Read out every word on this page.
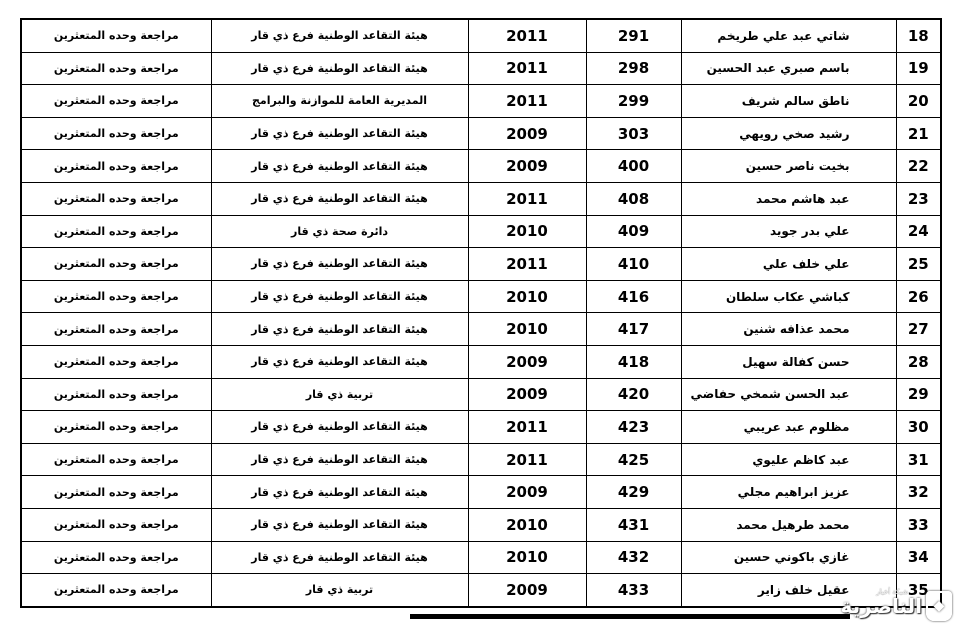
مراجعة وحده المتعثرين	هيئة التقاعد الوطنية فرع ذي قار	2011	291	شاتي عبد علي طريخم	18
مراجعة وحده المتعثرين	هيئة التقاعد الوطنية فرع ذي قار	2011	298	باسم صبري عبد الحسين	19
مراجعة وحده المتعثرين	المديرية العامة للموازنة والبرامج	2011	299	ناطق سالم شريف	20
مراجعة وحده المتعثرين	هيئة التقاعد الوطنية فرع ذي قار	2009	303	رشيد صخي رويهي	21
مراجعة وحده المتعثرين	هيئة التقاعد الوطنية فرع ذي قار	2009	400	بخيت ناصر حسين	22
مراجعة وحده المتعثرين	هيئة التقاعد الوطنية فرع ذي قار	2011	408	عبد هاشم محمد	23
مراجعة وحده المتعثرين	دائرة صحة ذي قار	2010	409	علي بدر جويد	24
مراجعة وحده المتعثرين	هيئة التقاعد الوطنية فرع ذي قار	2011	410	علي خلف علي	25
مراجعة وحده المتعثرين	هيئة التقاعد الوطنية فرع ذي قار	2010	416	كباشي عكاب سلطان	26
مراجعة وحده المتعثرين	هيئة التقاعد الوطنية فرع ذي قار	2010	417	محمد عذافه شنين	27
مراجعة وحده المتعثرين	هيئة التقاعد الوطنية فرع ذي قار	2009	418	حسن كفالة سهيل	28
مراجعة وحده المتعثرين	تربية ذي قار	2009	420	عبد الحسن شمخي حفاضي	29
مراجعة وحده المتعثرين	هيئة التقاعد الوطنية فرع ذي قار	2011	423	مظلوم عبد عريبي	30
مراجعة وحده المتعثرين	هيئة التقاعد الوطنية فرع ذي قار	2011	425	عبد كاظم عليوي	31
مراجعة وحده المتعثرين	هيئة التقاعد الوطنية فرع ذي قار	2009	429	عزيز ابراهيم مجلي	32
مراجعة وحده المتعثرين	هيئة التقاعد الوطنية فرع ذي قار	2010	431	محمد طرهيل محمد	33
مراجعة وحده المتعثرين	هيئة التقاعد الوطنية فرع ذي قار	2010	432	غازي باكوني حسين	34
مراجعة وحده المتعثرين	تربية ذي قار	2009	433	عقيل خلف زاير	35
شبكة أخبار
الناصرية ◆
